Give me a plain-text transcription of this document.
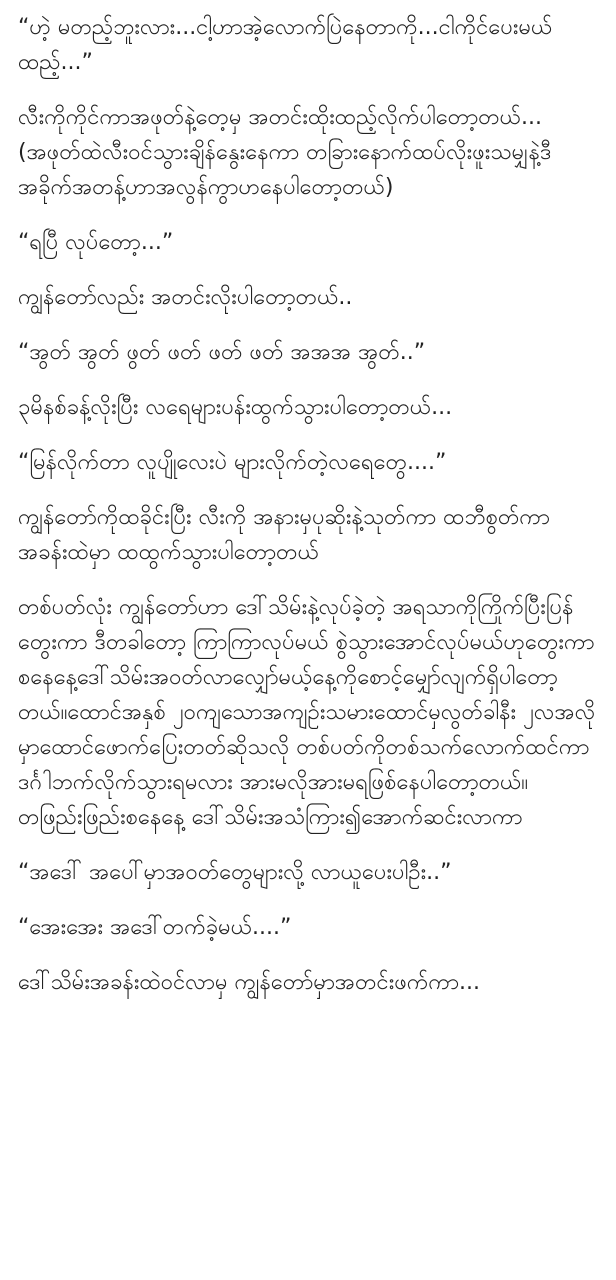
“ဟဲ့ မတည့်ဘူးလား...ငါ့ဟာအဲ့လောက်ပြဲနေတာကို...ငါကိုင်ပေးမယ် ထည့်...”

လီးကိုကိုင်ကာအဖုတ်နဲ့တေ့မှ အတင်းထိုးထည့်လိုက်ပါတော့တယ်...(အဖုတ်ထဲလီးဝင်သွားချိန်နွေးနေကာ တခြားနောက်ထပ်လိုးဖူးသမျှနဲ့ဒီအခိုက်အတန့်ဟာအလွန်ကွာဟနေပါတော့တယ်)

“ရပြီ လုပ်တော့...”

ကျွန်တော်လည်း အတင်းလိုးပါတော့တယ်..

“အွတ် အွတ် ဖွတ် ဖတ် ဖတ် ဖတ် အအအ အွတ်..”

၃မိနစ်ခန့်လိုးပြီး လရေများပန်းထွက်သွားပါတော့တယ်...

“မြန်လိုက်တာ လူပျိုလေးပဲ များလိုက်တဲ့လရေတွေ....”

ကျွန်တော်ကိုထခိုင်းပြီး လီးကို အနားမှပုဆိုးနဲ့သုတ်ကာ ထဘီစွတ်ကာအခန်းထဲမှာ ထထွက်သွားပါတော့တယ်

တစ်ပတ်လုံး ကျွန်တော်ဟာ ဒေါ်သိမ်းနဲ့လုပ်ခဲ့တဲ့ အရသာကိုကြိုက်ပြီးပြန်တွေးကာ ဒီတခါတော့ ကြာကြာလုပ်မယ် စွဲသွားအောင်လုပ်မယ်ဟုတွေးကာ စနေနေ့ဒေါ်သိမ်းအဝတ်လာလျှော်မယ့်နေ့ကိုစောင့်မျှော်လျက်ရှိပါတော့တယ်။ထောင်အနှစ် ၂၀ကျသောအကျဉ်းသမားထောင်မှလွတ်ခါနီး ၂လအလိုမှာထောင်ဖောက်ပြေးတတ်ဆိုသလို တစ်ပတ်ကိုတစ်သက်လောက်ထင်ကာ ဒင်္ဂါဘက်လိုက်သွားရမလား အားမလိုအားမရဖြစ်နေပါတော့တယ်။ တဖြည်းဖြည်းစနေနေ့ ဒေါ်သိမ်းအသံကြား၍အောက်ဆင်းလာကာ

“အဒေါ် အပေါ်မှာအဝတ်တွေများလို့ လာယူပေးပါဦး..”

“အေးအေး အဒေါ်တက်ခဲ့မယ်....”

ဒေါ်သိမ်းအခန်းထဲဝင်လာမှ ကျွန်တော်မှာအတင်းဖက်ကာ...
